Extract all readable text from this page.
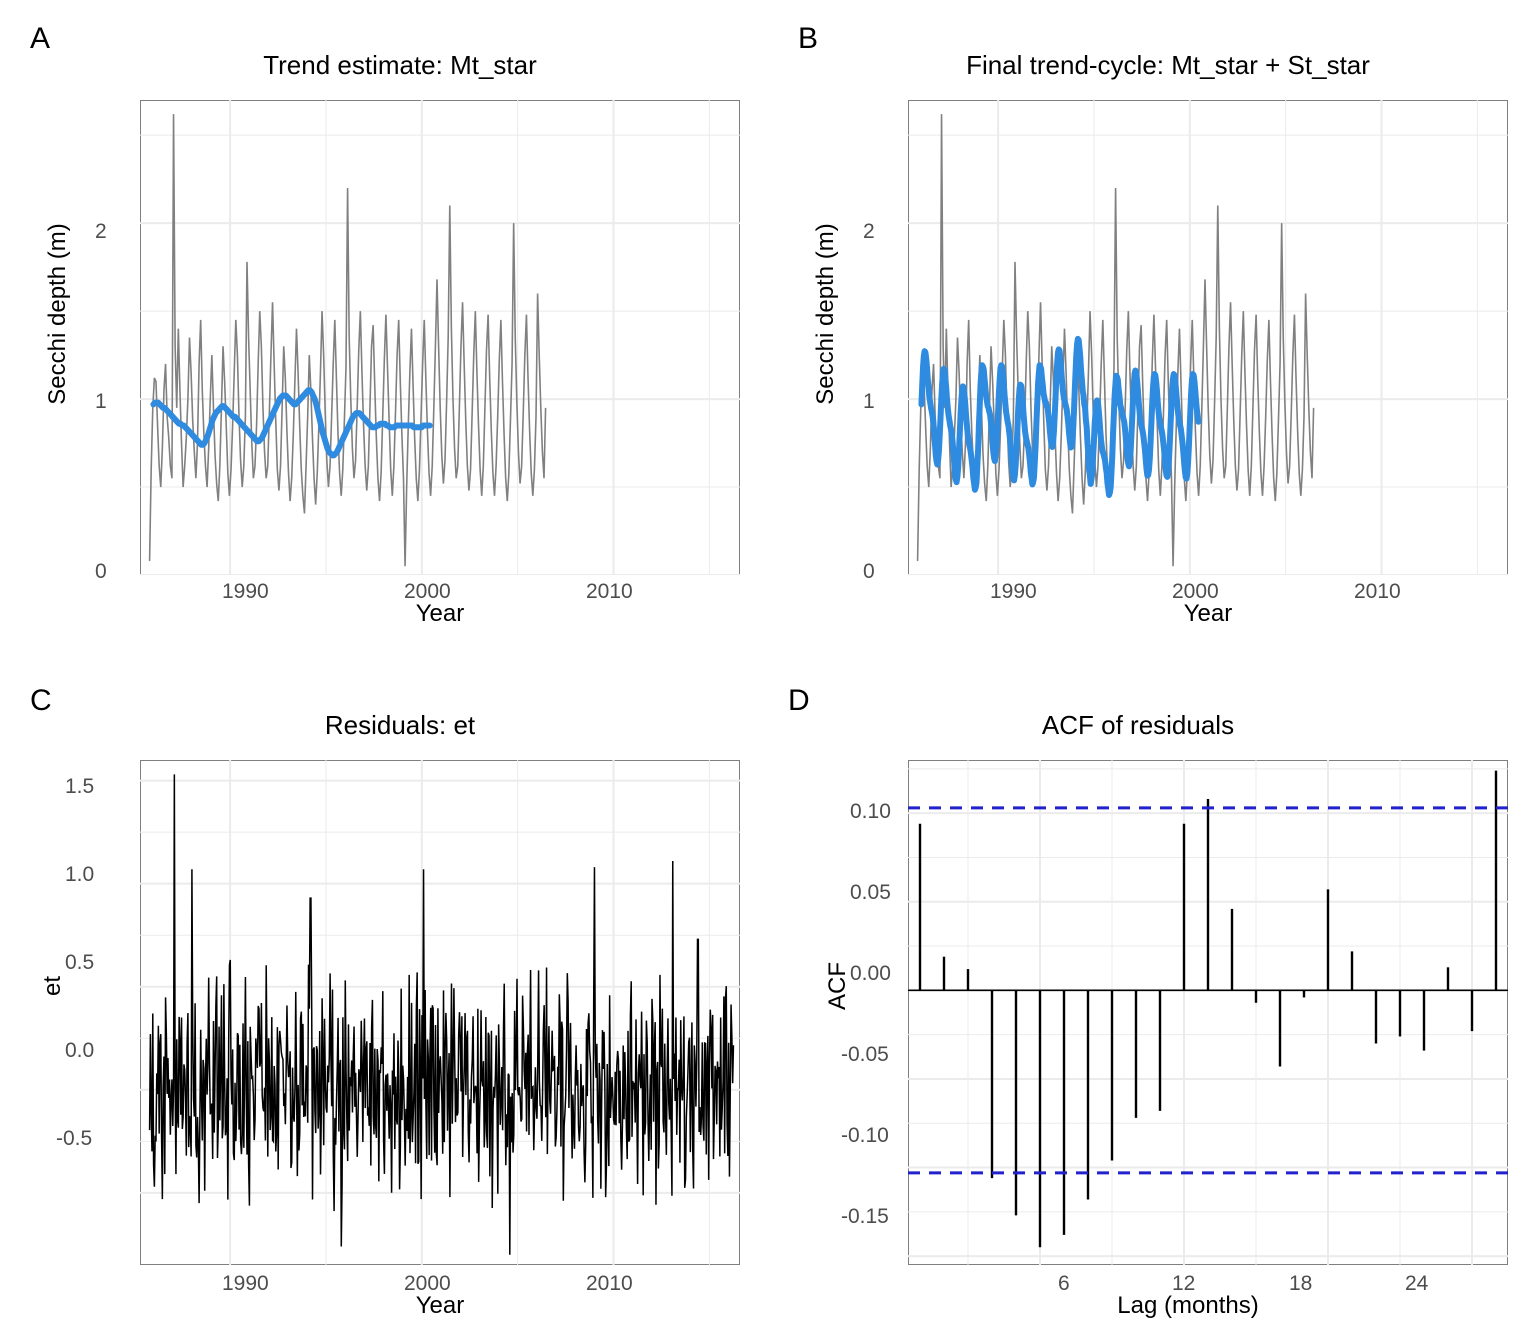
A
Trend estimate: Mt_star
Secchi depth (m)
Year
2
1
0
1990	2000	2010
B
Final trend-cycle: Mt_star + St_star
Secchi depth (m)
Year
2
1
0
1990	2000	2010
C
Residuals: et
et
Year
1.5
1.0
0.5
0.0
-0.5
1990	2000	2010
D
ACF of residuals
ACF
Lag (months)
0.10
0.05
0.00
-0.05
-0.10
-0.15
6	12	18	24
